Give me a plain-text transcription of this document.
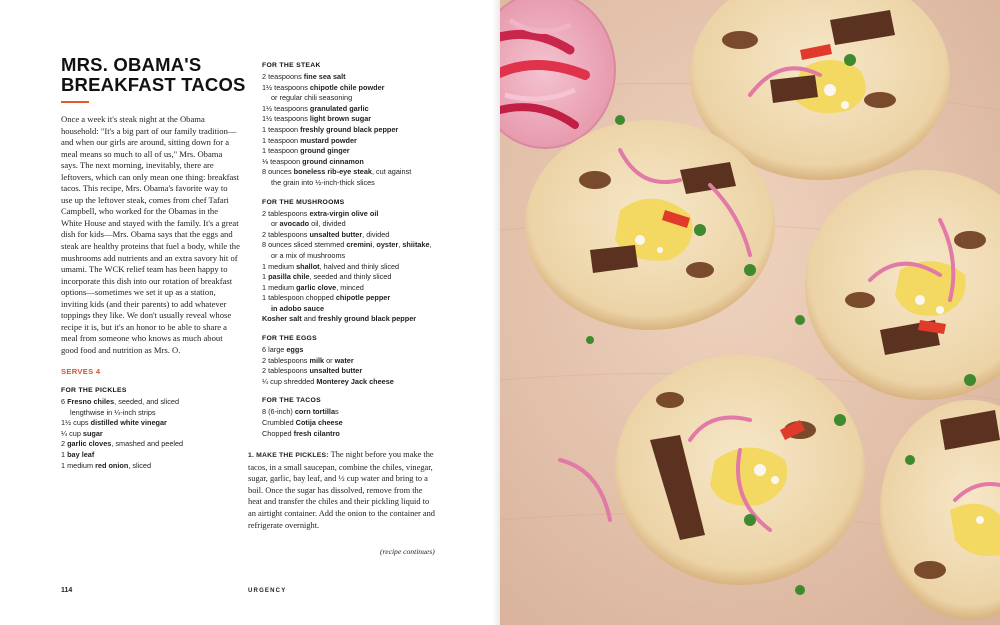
MRS. OBAMA'S
BREAKFAST TACOS

Once a week it's steak night at the Obama household: "It's a big part of our family tradition—and when our girls are around, sitting down for a meal means so much to all of us," Mrs. Obama says. The next morning, inevitably, there are leftovers, which can only mean one thing: breakfast tacos. This recipe, Mrs. Obama's favorite way to use up the leftover steak, comes from chef Tafari Campbell, who worked for the Obamas in the White House and stayed with the family. It's a great dish for kids—Mrs. Obama says that the eggs and steak are healthy proteins that fuel a body, while the mushrooms add nutrients and an extra savory hit of umami. The WCK relief team has been happy to incorporate this dish into our rotation of breakfast options—sometimes we set it up as a station, inviting kids (and their parents) to add whatever toppings they like. We don't usually reveal whose recipe it is, but it's an honor to be able to share a meal from someone who knows as much about good food and nutrition as Mrs. O.

SERVES 4
FOR THE PICKLES
6 Fresno chiles, seeded, and sliced
lengthwise in ¼-inch strips
1½ cups distilled white vinegar
¼ cup sugar
2 garlic cloves, smashed and peeled
1 bay leaf
1 medium red onion, sliced
FOR THE STEAK
2 teaspoons fine sea salt
1½ teaspoons chipotle chile powder
or regular chili seasoning
1½ teaspoons granulated garlic
1½ teaspoons light brown sugar
1 teaspoon freshly ground black pepper
1 teaspoon mustard powder
1 teaspoon ground ginger
⅛ teaspoon ground cinnamon
8 ounces boneless rib-eye steak, cut against
the grain into ½-inch-thick slices
FOR THE MUSHROOMS
2 tablespoons extra-virgin olive oil
or avocado oil, divided
2 tablespoons unsalted butter, divided
8 ounces sliced stemmed cremini, oyster, shiitake,
or a mix of mushrooms
1 medium shallot, halved and thinly sliced
1 pasilla chile, seeded and thinly sliced
1 medium garlic clove, minced
1 tablespoon chopped chipotle pepper
in adobo sauce
Kosher salt and freshly ground black pepper
FOR THE EGGS
6 large eggs
2 tablespoons milk or water
2 tablespoons unsalted butter
¼ cup shredded Monterey Jack cheese
FOR THE TACOS
8 (6-inch) corn tortillas
Crumbled Cotija cheese
Chopped fresh cilantro

1. MAKE THE PICKLES: The night before you make the tacos, in a small saucepan, combine the chiles, vinegar, sugar, garlic, bay leaf, and ½ cup water and bring to a boil. Once the sugar has dissolved, remove from the heat and transfer the chiles and their pickling liquid to an airtight container. Add the onion to the container and refrigerate overnight.

(recipe continues)
114	URGENCY
